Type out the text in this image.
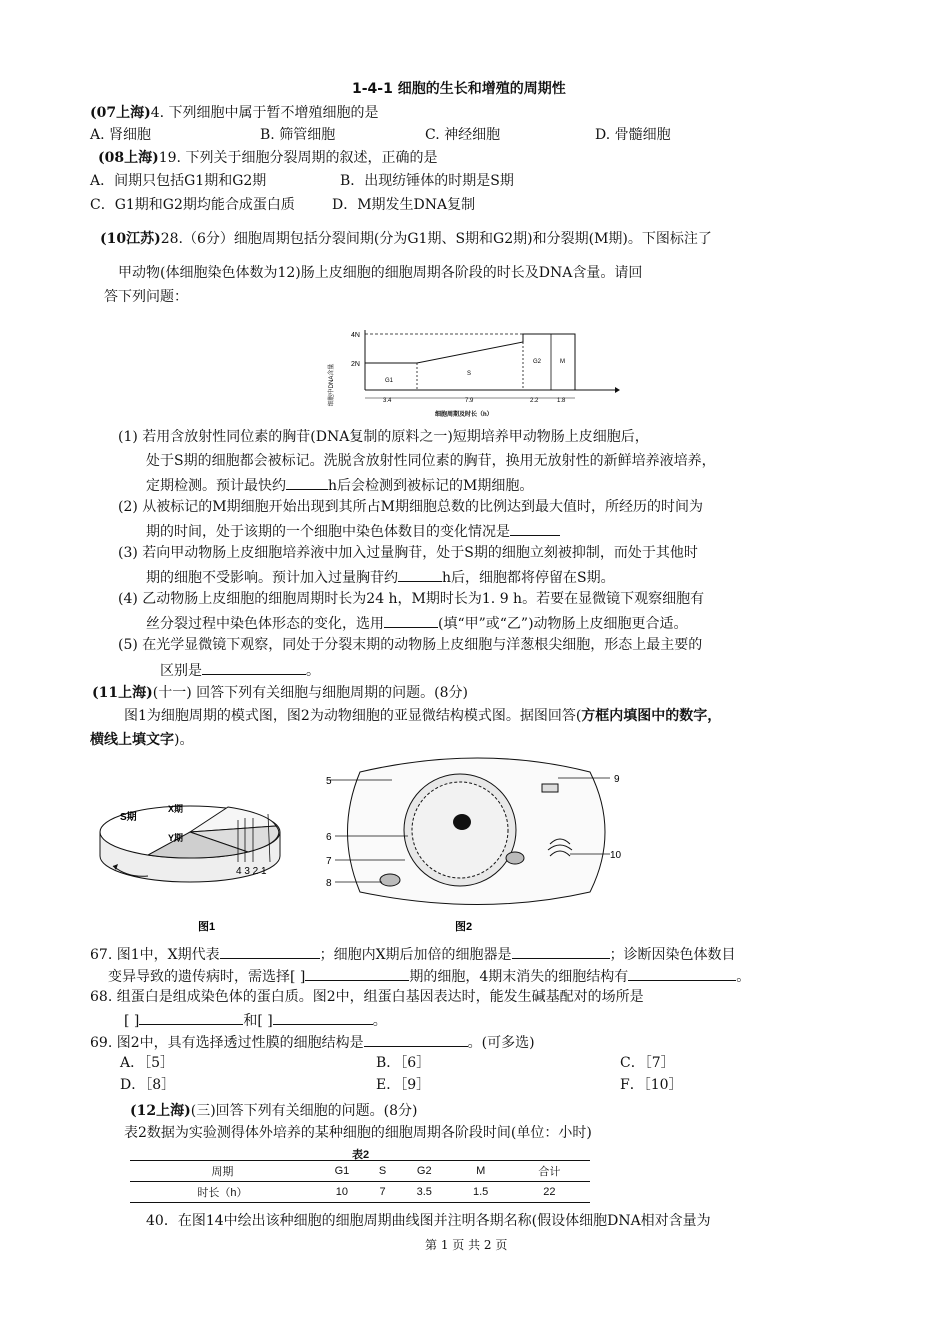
1-4-1 细胞的生长和增殖的周期性
(07上海)4. 下列细胞中属于暂不增殖细胞的是
A. 肾细胞	B. 筛管细胞	C. 神经细胞	D. 骨髓细胞
(08上海)19. 下列关于细胞分裂周期的叙述，正确的是
A．间期只包括G1期和G2期	B．出现纺锤体的时期是S期
C．G1期和G2期均能合成蛋白质	D．M期发生DNA复制
(10江苏)28.（6分）细胞周期包括分裂间期(分为G1期、S期和G2期)和分裂期(M期)。下图标注了
甲动物(体细胞染色体数为12)肠上皮细胞的细胞周期各阶段的时长及DNA含量。请回
答下列问题：
细胞中DNA含量
4N
2N
G1
S
G2	M
3.4	7.9	2.2	1.8
细胞周期及时长（h）
(1) 若用含放射性同位素的胸苷(DNA复制的原料之一)短期培养甲动物肠上皮细胞后，
处于S期的细胞都会被标记。洗脱含放射性同位素的胸苷，换用无放射性的新鲜培养液培养，
定期检测。预计最快约	h后会检测到被标记的M期细胞。
(2) 从被标记的M期细胞开始出现到其所占M期细胞总数的比例达到最大值时，所经历的时间为
期的时间，处于该期的一个细胞中染色体数目的变化情况是
(3) 若向甲动物肠上皮细胞培养液中加入过量胸苷，处于S期的细胞立刻被抑制，而处于其他时
期的细胞不受影响。预计加入过量胸苷约	h后，细胞都将停留在S期。
(4) 乙动物肠上皮细胞的细胞周期时长为24 h，M期时长为1. 9 h。若要在显微镜下观察细胞有
丝分裂过程中染色体形态的变化，选用	(填“甲”或“乙”)动物肠上皮细胞更合适。
(5) 在光学显微镜下观察，同处于分裂末期的动物肠上皮细胞与洋葱根尖细胞，形态上最主要的
区别是	。
(11上海)(十一) 回答下列有关细胞与细胞周期的问题。(8分)
图1为细胞周期的模式图，图2为动物细胞的亚显微结构模式图。据图回答(方框内填图中的数字，
横线上填文字)。
S期
X期
Y期
4 3 2 1
图1
5
6
7
8
9
10
图2
67. 图1中，X期代表	；细胞内X期后加倍的细胞器是	；诊断因染色体数目
变异导致的遗传病时，需选择[ ]	期的细胞，4期末消失的细胞结构有	。
68. 组蛋白是组成染色体的蛋白质。图2中，组蛋白基因表达时，能发生碱基配对的场所是
[ ]	和[ ]	。
69. 图2中，具有选择透过性膜的细胞结构是	。(可多选)
A．［5］	B．［6］	C．［7］
D．［8］	E．［9］	F．［10］
(12上海)(三)回答下列有关细胞的问题。(8分)
表2数据为实验测得体外培养的某种细胞的细胞周期各阶段时间(单位：小时)
表2
周期	G1	S	G2	M	合计
时长（h）	10	7	3.5	1.5	22
40．在图14中绘出该种细胞的细胞周期曲线图并注明各期名称(假设体细胞DNA相对含量为
第 1 页 共 2 页
